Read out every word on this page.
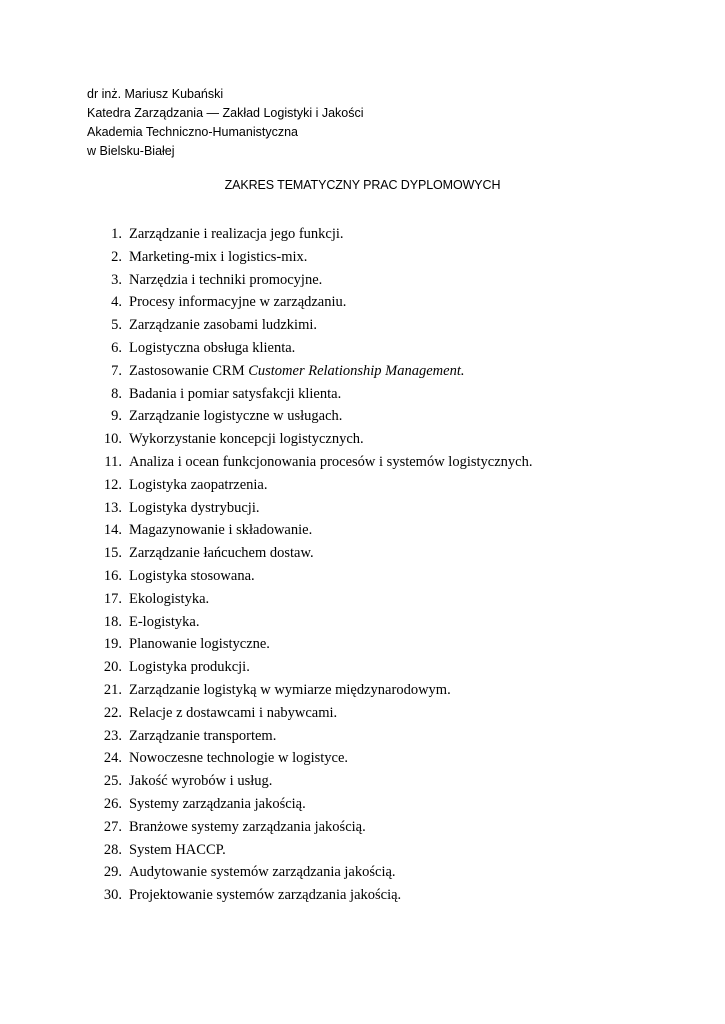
dr inż. Mariusz Kubański
Katedra Zarządzania — Zakład Logistyki i Jakości
Akademia Techniczno-Humanistyczna
w Bielsku-Białej
ZAKRES TEMATYCZNY PRAC DYPLOMOWYCH
1. Zarządzanie i realizacja jego funkcji.
2. Marketing-mix i logistics-mix.
3. Narzędzia i techniki promocyjne.
4. Procesy informacyjne w zarządzaniu.
5. Zarządzanie zasobami ludzkimi.
6. Logistyczna obsługa klienta.
7. Zastosowanie CRM Customer Relationship Management.
8. Badania i pomiar satysfakcji klienta.
9. Zarządzanie logistyczne w usługach.
10. Wykorzystanie koncepcji logistycznych.
11. Analiza i ocean funkcjonowania procesów i systemów logistycznych.
12. Logistyka zaopatrzenia.
13. Logistyka dystrybucji.
14. Magazynowanie i składowanie.
15. Zarządzanie łańcuchem dostaw.
16. Logistyka stosowana.
17. Ekologistyka.
18. E-logistyka.
19. Planowanie logistyczne.
20. Logistyka produkcji.
21. Zarządzanie logistyką w wymiarze międzynarodowym.
22. Relacje z dostawcami i nabywcami.
23. Zarządzanie transportem.
24. Nowoczesne technologie w logistyce.
25. Jakość wyrobów i usług.
26. Systemy zarządzania jakością.
27. Branżowe systemy zarządzania jakością.
28. System HACCP.
29. Audytowanie systemów zarządzania jakością.
30. Projektowanie systemów zarządzania jakością.
